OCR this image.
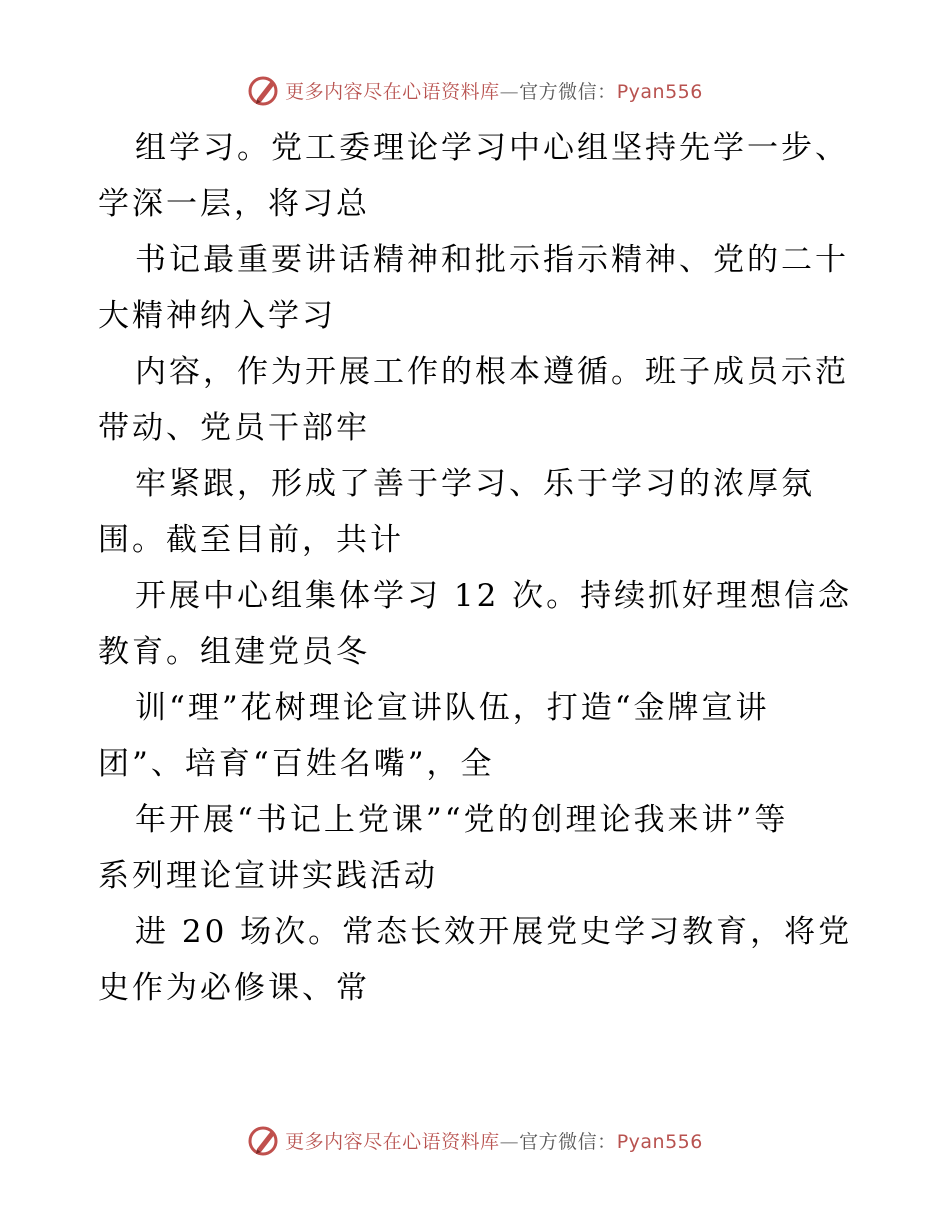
更多内容尽在心语资料库—官方微信：Pyan556
组学习。党工委理论学习中心组坚持先学一步、
学深一层，将习总
书记最重要讲话精神和批示指示精神、党的二十
大精神纳入学习
内容，作为开展工作的根本遵循。班子成员示范
带动、党员干部牢
牢紧跟，形成了善于学习、乐于学习的浓厚氛
围。截至目前，共计
开展中心组集体学习 12 次。持续抓好理想信念
教育。组建党员冬
训“理”花树理论宣讲队伍，打造“金牌宣讲
团”、培育“百姓名嘴”，全
年开展“书记上党课”“党的创理论我来讲”等
系列理论宣讲实践活动
进 20 场次。常态长效开展党史学习教育，将党
史作为必修课、常
更多内容尽在心语资料库—官方微信：Pyan556
